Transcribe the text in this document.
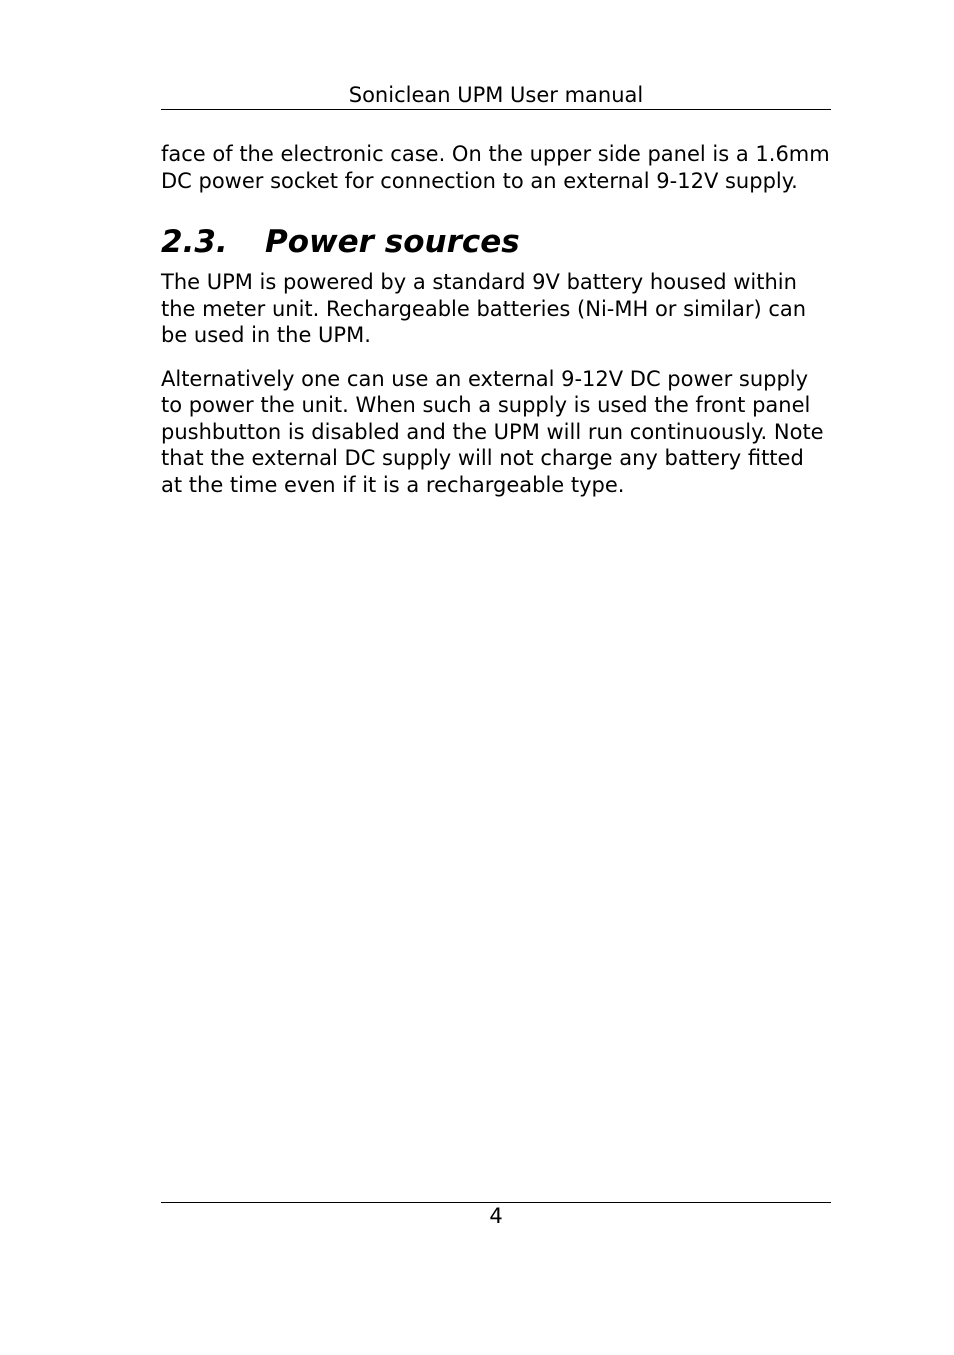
Soniclean UPM User manual

face of the electronic case. On the upper side panel is a 1.6mm DC power socket for connection to an external 9-12V supply.

2.3. Power sources

The UPM is powered by a standard 9V battery housed within the meter unit. Rechargeable batteries (Ni-MH or similar) can be used in the UPM.

Alternatively one can use an external 9-12V DC power supply to power the unit. When such a supply is used the front panel pushbutton is disabled and the UPM will run continuously. Note that the external DC supply will not charge any battery fitted at the time even if it is a rechargeable type.

4
